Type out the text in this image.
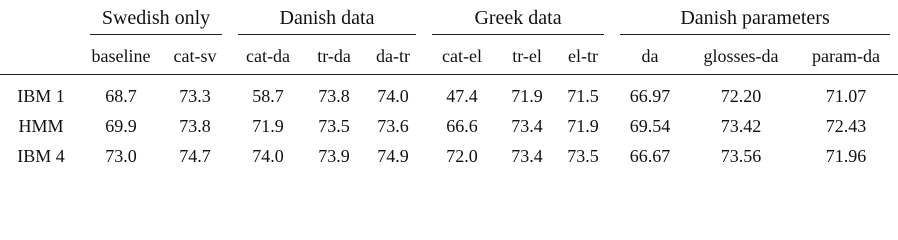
	Swedish only		Danish data			Greek data			Danish parameters		

	baseline	cat-sv	cat-da	tr-da	da-tr	cat-el	tr-el	el-tr	da	glosses-da	param-da
IBM 1	68.7	73.3	58.7	73.8	74.0	47.4	71.9	71.5	66.97	72.20	71.07
HMM	69.9	73.8	71.9	73.5	73.6	66.6	73.4	71.9	69.54	73.42	72.43
IBM 4	73.0	74.7	74.0	73.9	74.9	72.0	73.4	73.5	66.67	73.56	71.96
